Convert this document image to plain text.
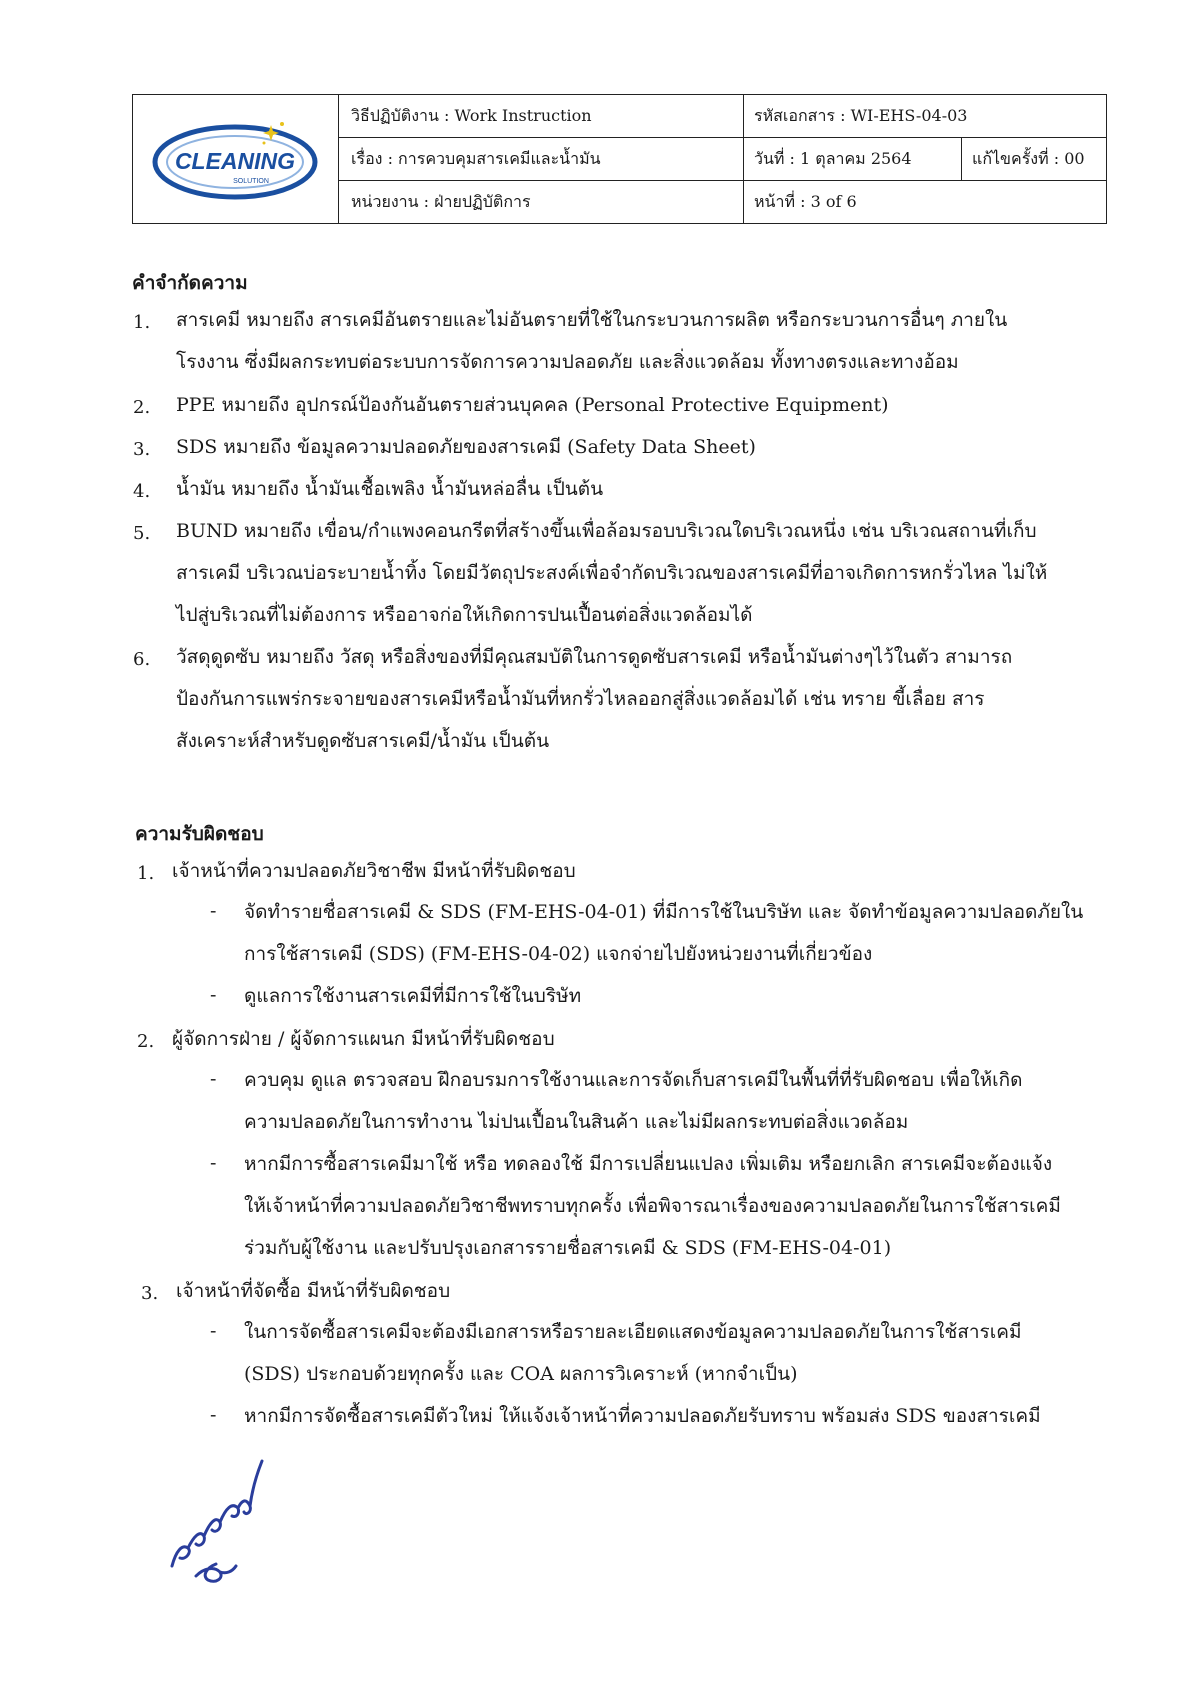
CLEANING
SOLUTION
วิธีปฏิบัติงาน : Work Instruction	รหัสเอกสาร : WI-EHS-04-03
เรื่อง : การควบคุมสารเคมีและน้ำมัน	วันที่ : 1 ตุลาคม 2564	แก้ไขครั้งที่ : 00
หน่วยงาน : ฝ่ายปฏิบัติการ	หน้าที่ : 3 of 6
คำจำกัดความ
1. สารเคมี หมายถึง สารเคมีอันตรายและไม่อันตรายที่ใช้ในกระบวนการผลิต หรือกระบวนการอื่นๆ ภายใน
โรงงาน ซึ่งมีผลกระทบต่อระบบการจัดการความปลอดภัย และสิ่งแวดล้อม ทั้งทางตรงและทางอ้อม
2. PPE หมายถึง อุปกรณ์ป้องกันอันตรายส่วนบุคคล (Personal Protective Equipment)
3. SDS หมายถึง ข้อมูลความปลอดภัยของสารเคมี (Safety Data Sheet)
4. น้ำมัน หมายถึง น้ำมันเชื้อเพลิง น้ำมันหล่อลื่น เป็นต้น
5. BUND หมายถึง เขื่อน/กำแพงคอนกรีตที่สร้างขึ้นเพื่อล้อมรอบบริเวณใดบริเวณหนึ่ง เช่น บริเวณสถานที่เก็บ
สารเคมี บริเวณบ่อระบายน้ำทิ้ง โดยมีวัตถุประสงค์เพื่อจำกัดบริเวณของสารเคมีที่อาจเกิดการหกรั่วไหล ไม่ให้
ไปสู่บริเวณที่ไม่ต้องการ หรืออาจก่อให้เกิดการปนเปื้อนต่อสิ่งแวดล้อมได้
6. วัสดุดูดซับ หมายถึง วัสดุ หรือสิ่งของที่มีคุณสมบัติในการดูดซับสารเคมี หรือน้ำมันต่างๆไว้ในตัว สามารถ
ป้องกันการแพร่กระจายของสารเคมีหรือน้ำมันที่หกรั่วไหลออกสู่สิ่งแวดล้อมได้ เช่น ทราย ขี้เลื่อย สาร
สังเคราะห์สำหรับดูดซับสารเคมี/น้ำมัน เป็นต้น
ความรับผิดชอบ
1. เจ้าหน้าที่ความปลอดภัยวิชาชีพ มีหน้าที่รับผิดชอบ
- จัดทำรายชื่อสารเคมี & SDS (FM-EHS-04-01) ที่มีการใช้ในบริษัท และ จัดทำข้อมูลความปลอดภัยใน
การใช้สารเคมี (SDS) (FM-EHS-04-02) แจกจ่ายไปยังหน่วยงานที่เกี่ยวข้อง
- ดูแลการใช้งานสารเคมีที่มีการใช้ในบริษัท
2. ผู้จัดการฝ่าย / ผู้จัดการแผนก มีหน้าที่รับผิดชอบ
- ควบคุม ดูแล ตรวจสอบ ฝึกอบรมการใช้งานและการจัดเก็บสารเคมีในพื้นที่ที่รับผิดชอบ เพื่อให้เกิด
ความปลอดภัยในการทำงาน ไม่ปนเปื้อนในสินค้า และไม่มีผลกระทบต่อสิ่งแวดล้อม
- หากมีการซื้อสารเคมีมาใช้ หรือ ทดลองใช้ มีการเปลี่ยนแปลง เพิ่มเติม หรือยกเลิก สารเคมีจะต้องแจ้ง
ให้เจ้าหน้าที่ความปลอดภัยวิชาชีพทราบทุกครั้ง เพื่อพิจารณาเรื่องของความปลอดภัยในการใช้สารเคมี
ร่วมกับผู้ใช้งาน และปรับปรุงเอกสารรายชื่อสารเคมี & SDS (FM-EHS-04-01)
3. เจ้าหน้าที่จัดซื้อ มีหน้าที่รับผิดชอบ
- ในการจัดซื้อสารเคมีจะต้องมีเอกสารหรือรายละเอียดแสดงข้อมูลความปลอดภัยในการใช้สารเคมี
(SDS) ประกอบด้วยทุกครั้ง และ COA ผลการวิเคราะห์ (หากจำเป็น)
- หากมีการจัดซื้อสารเคมีตัวใหม่ ให้แจ้งเจ้าหน้าที่ความปลอดภัยรับทราบ พร้อมส่ง SDS ของสารเคมี
